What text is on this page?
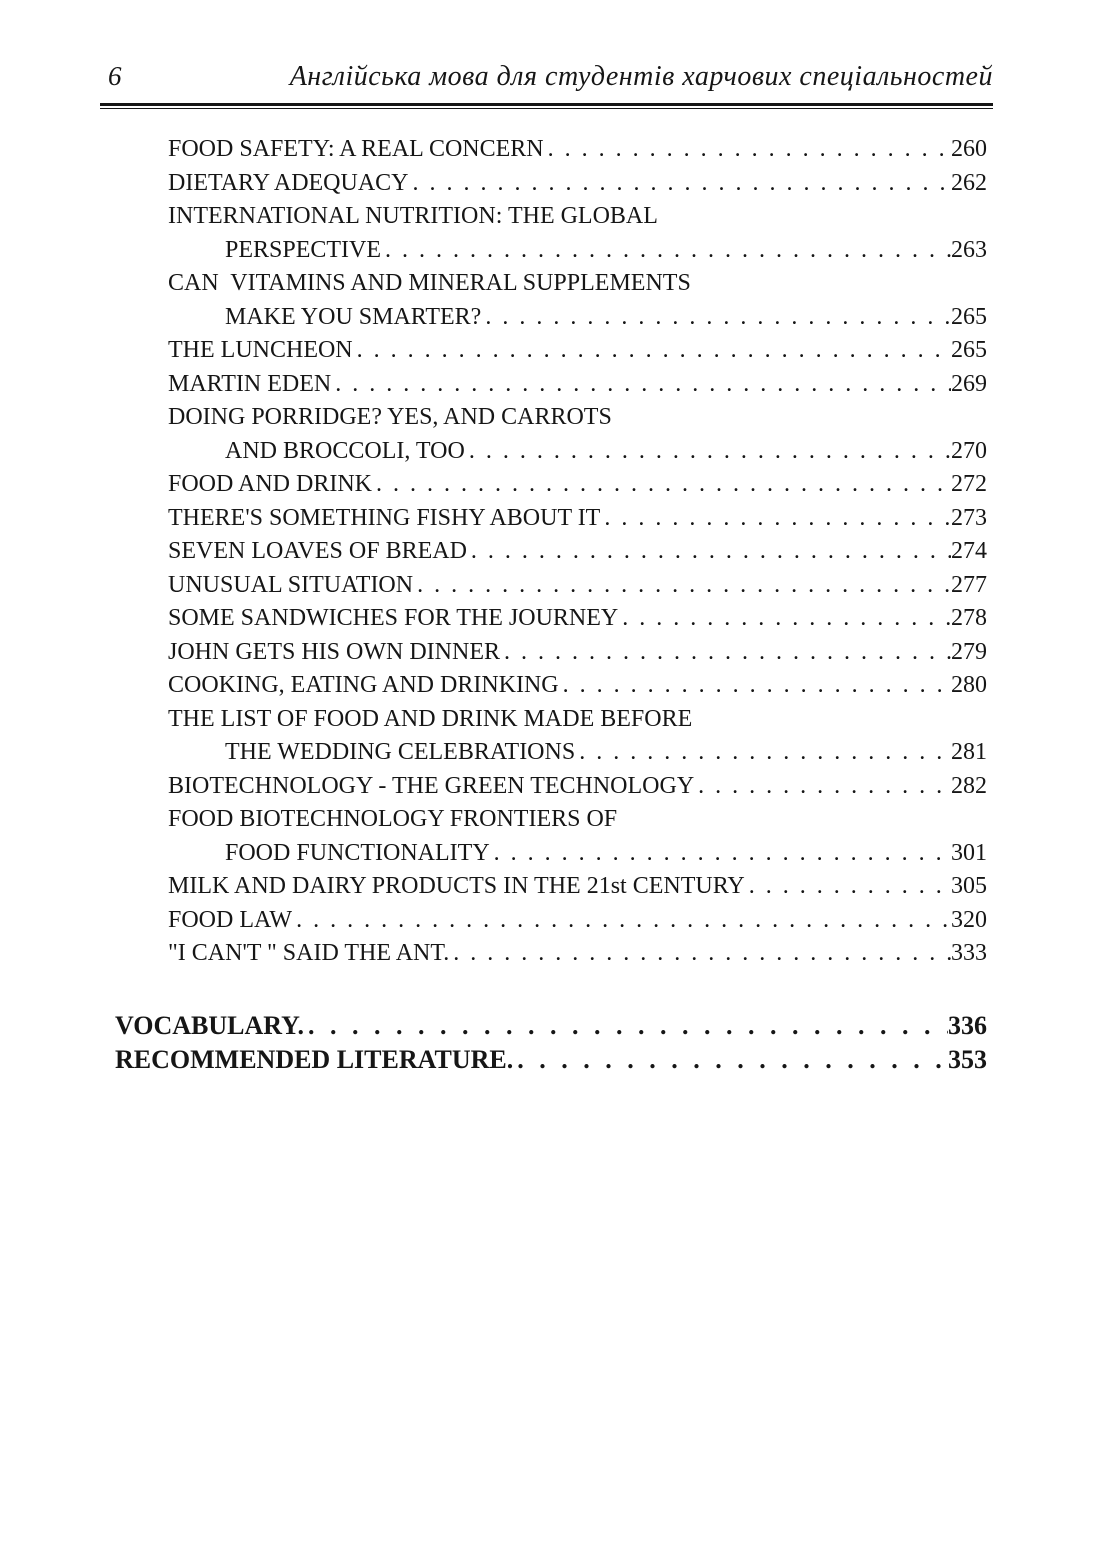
6	Англійська мова для студентів харчових спеціальностей
FOOD SAFETY: A REAL CONCERN . . .	260
DIETARY ADEQUACY . . .	262
INTERNATIONAL NUTRITION: THE GLOBAL
PERSPECTIVE . . .	263
CAN  VITAMINS AND MINERAL SUPPLEMENTS
MAKE YOU SMARTER? . . .	265
THE LUNCHEON . . .	265
MARTIN EDEN . . .	269
DOING PORRIDGE? YES, AND CARROTS
AND BROCCOLI, TOO . . .	270
FOOD AND DRINK . . .	272
THERE'S SOMETHING FISHY ABOUT IT . . .	273
SEVEN LOAVES OF BREAD . . .	274
UNUSUAL SITUATION . . .	277
SOME SANDWICHES FOR THE JOURNEY . . .	278
JOHN GETS HIS OWN DINNER . . .	279
COOKING, EATING AND DRINKING . . .	280
THE LIST OF FOOD AND DRINK MADE BEFORE
THE WEDDING CELEBRATIONS . . .	281
BIOTECHNOLOGY - THE GREEN TECHNOLOGY . . .	282
FOOD BIOTECHNOLOGY FRONTIERS OF
FOOD FUNCTIONALITY . . .	301
MILK AND DAIRY PRODUCTS IN THE 21st CENTURY . . .	305
FOOD LAW . . .	320
"I CAN'T " SAID THE ANT. . . .	333
VOCABULARY. . . .	336
RECOMMENDED LITERATURE. . . .	353
